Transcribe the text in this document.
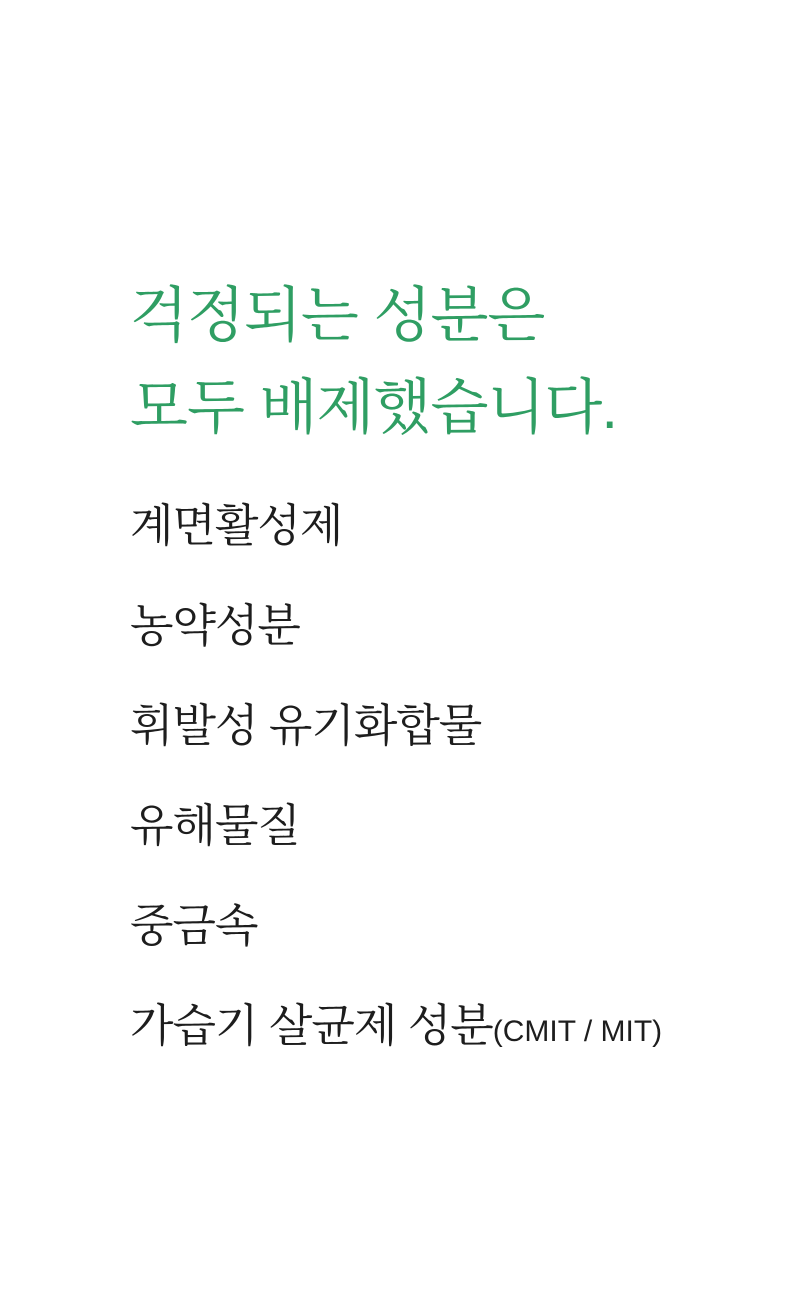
걱정되는 성분은
모두 배제했습니다.
계면활성제
농약성분
휘발성 유기화합물
유해물질
중금속
가습기 살균제 성분(CMIT / MIT)
